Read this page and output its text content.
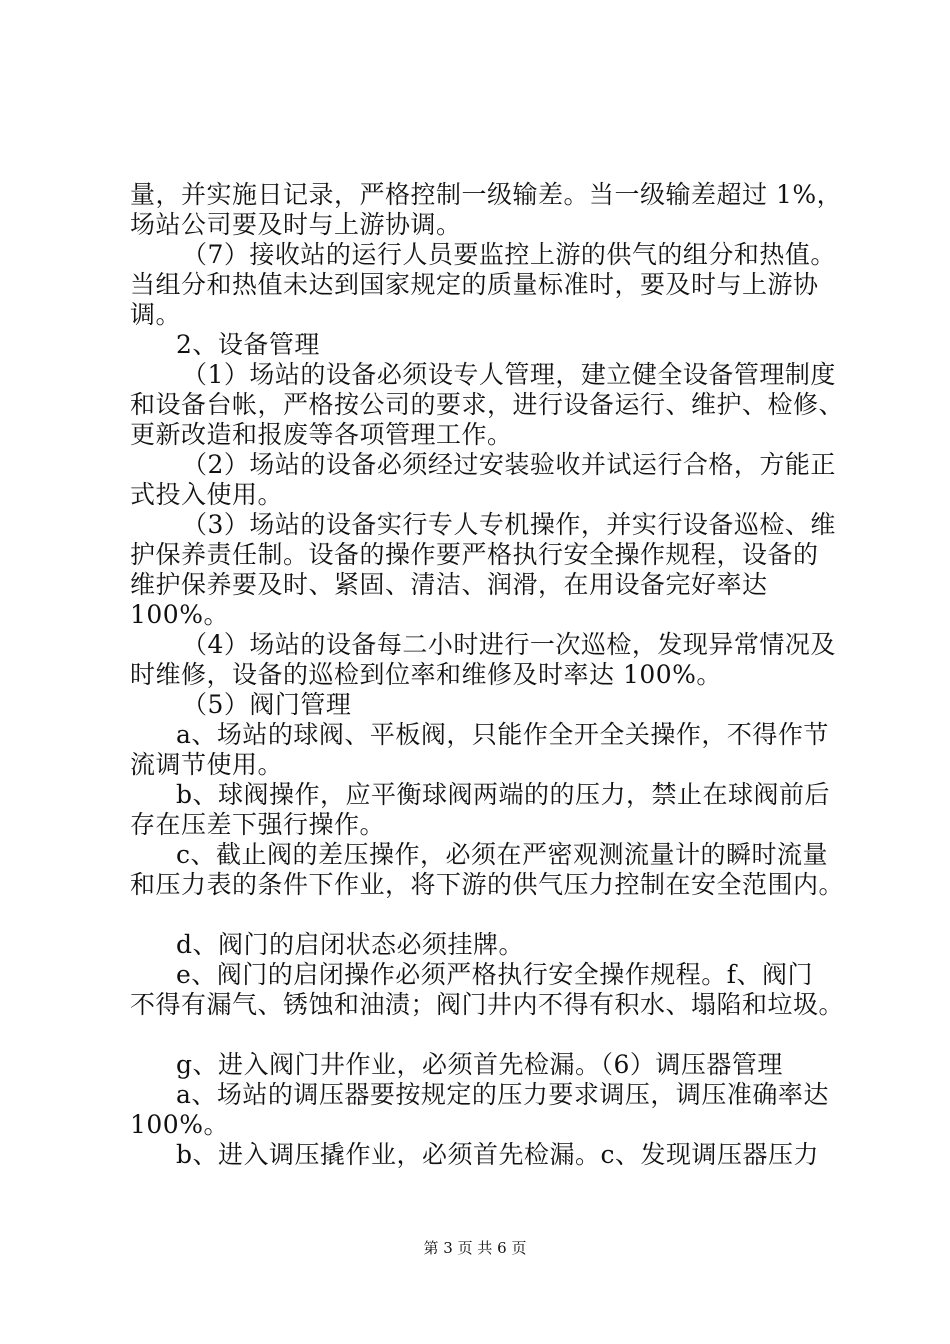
量，并实施日记录，严格控制一级输差。当一级输差超过 1%，
场站公司要及时与上游协调。
（7）接收站的运行人员要监控上游的供气的组分和热值。
当组分和热值未达到国家规定的质量标准时，要及时与上游协
调。
2、设备管理
（1）场站的设备必须设专人管理，建立健全设备管理制度
和设备台帐，严格按公司的要求，进行设备运行、维护、检修、
更新改造和报废等各项管理工作。
（2）场站的设备必须经过安装验收并试运行合格，方能正
式投入使用。
（3）场站的设备实行专人专机操作，并实行设备巡检、维
护保养责任制。设备的操作要严格执行安全操作规程，设备的
维护保养要及时、紧固、清洁、润滑，在用设备完好率达
100%。
（4）场站的设备每二小时进行一次巡检，发现异常情况及
时维修，设备的巡检到位率和维修及时率达 100%。
（5）阀门管理
a、场站的球阀、平板阀，只能作全开全关操作，不得作节
流调节使用。
b、球阀操作，应平衡球阀两端的的压力，禁止在球阀前后
存在压差下强行操作。
c、截止阀的差压操作，必须在严密观测流量计的瞬时流量
和压力表的条件下作业，将下游的供气压力控制在安全范围内。
d、阀门的启闭状态必须挂牌。
e、阀门的启闭操作必须严格执行安全操作规程。f、阀门
不得有漏气、锈蚀和油渍；阀门井内不得有积水、塌陷和垃圾。
g、进入阀门井作业，必须首先检漏。（6）调压器管理
a、场站的调压器要按规定的压力要求调压，调压准确率达
100%。
b、进入调压撬作业，必须首先检漏。c、发现调压器压力
第 3 页 共 6 页
